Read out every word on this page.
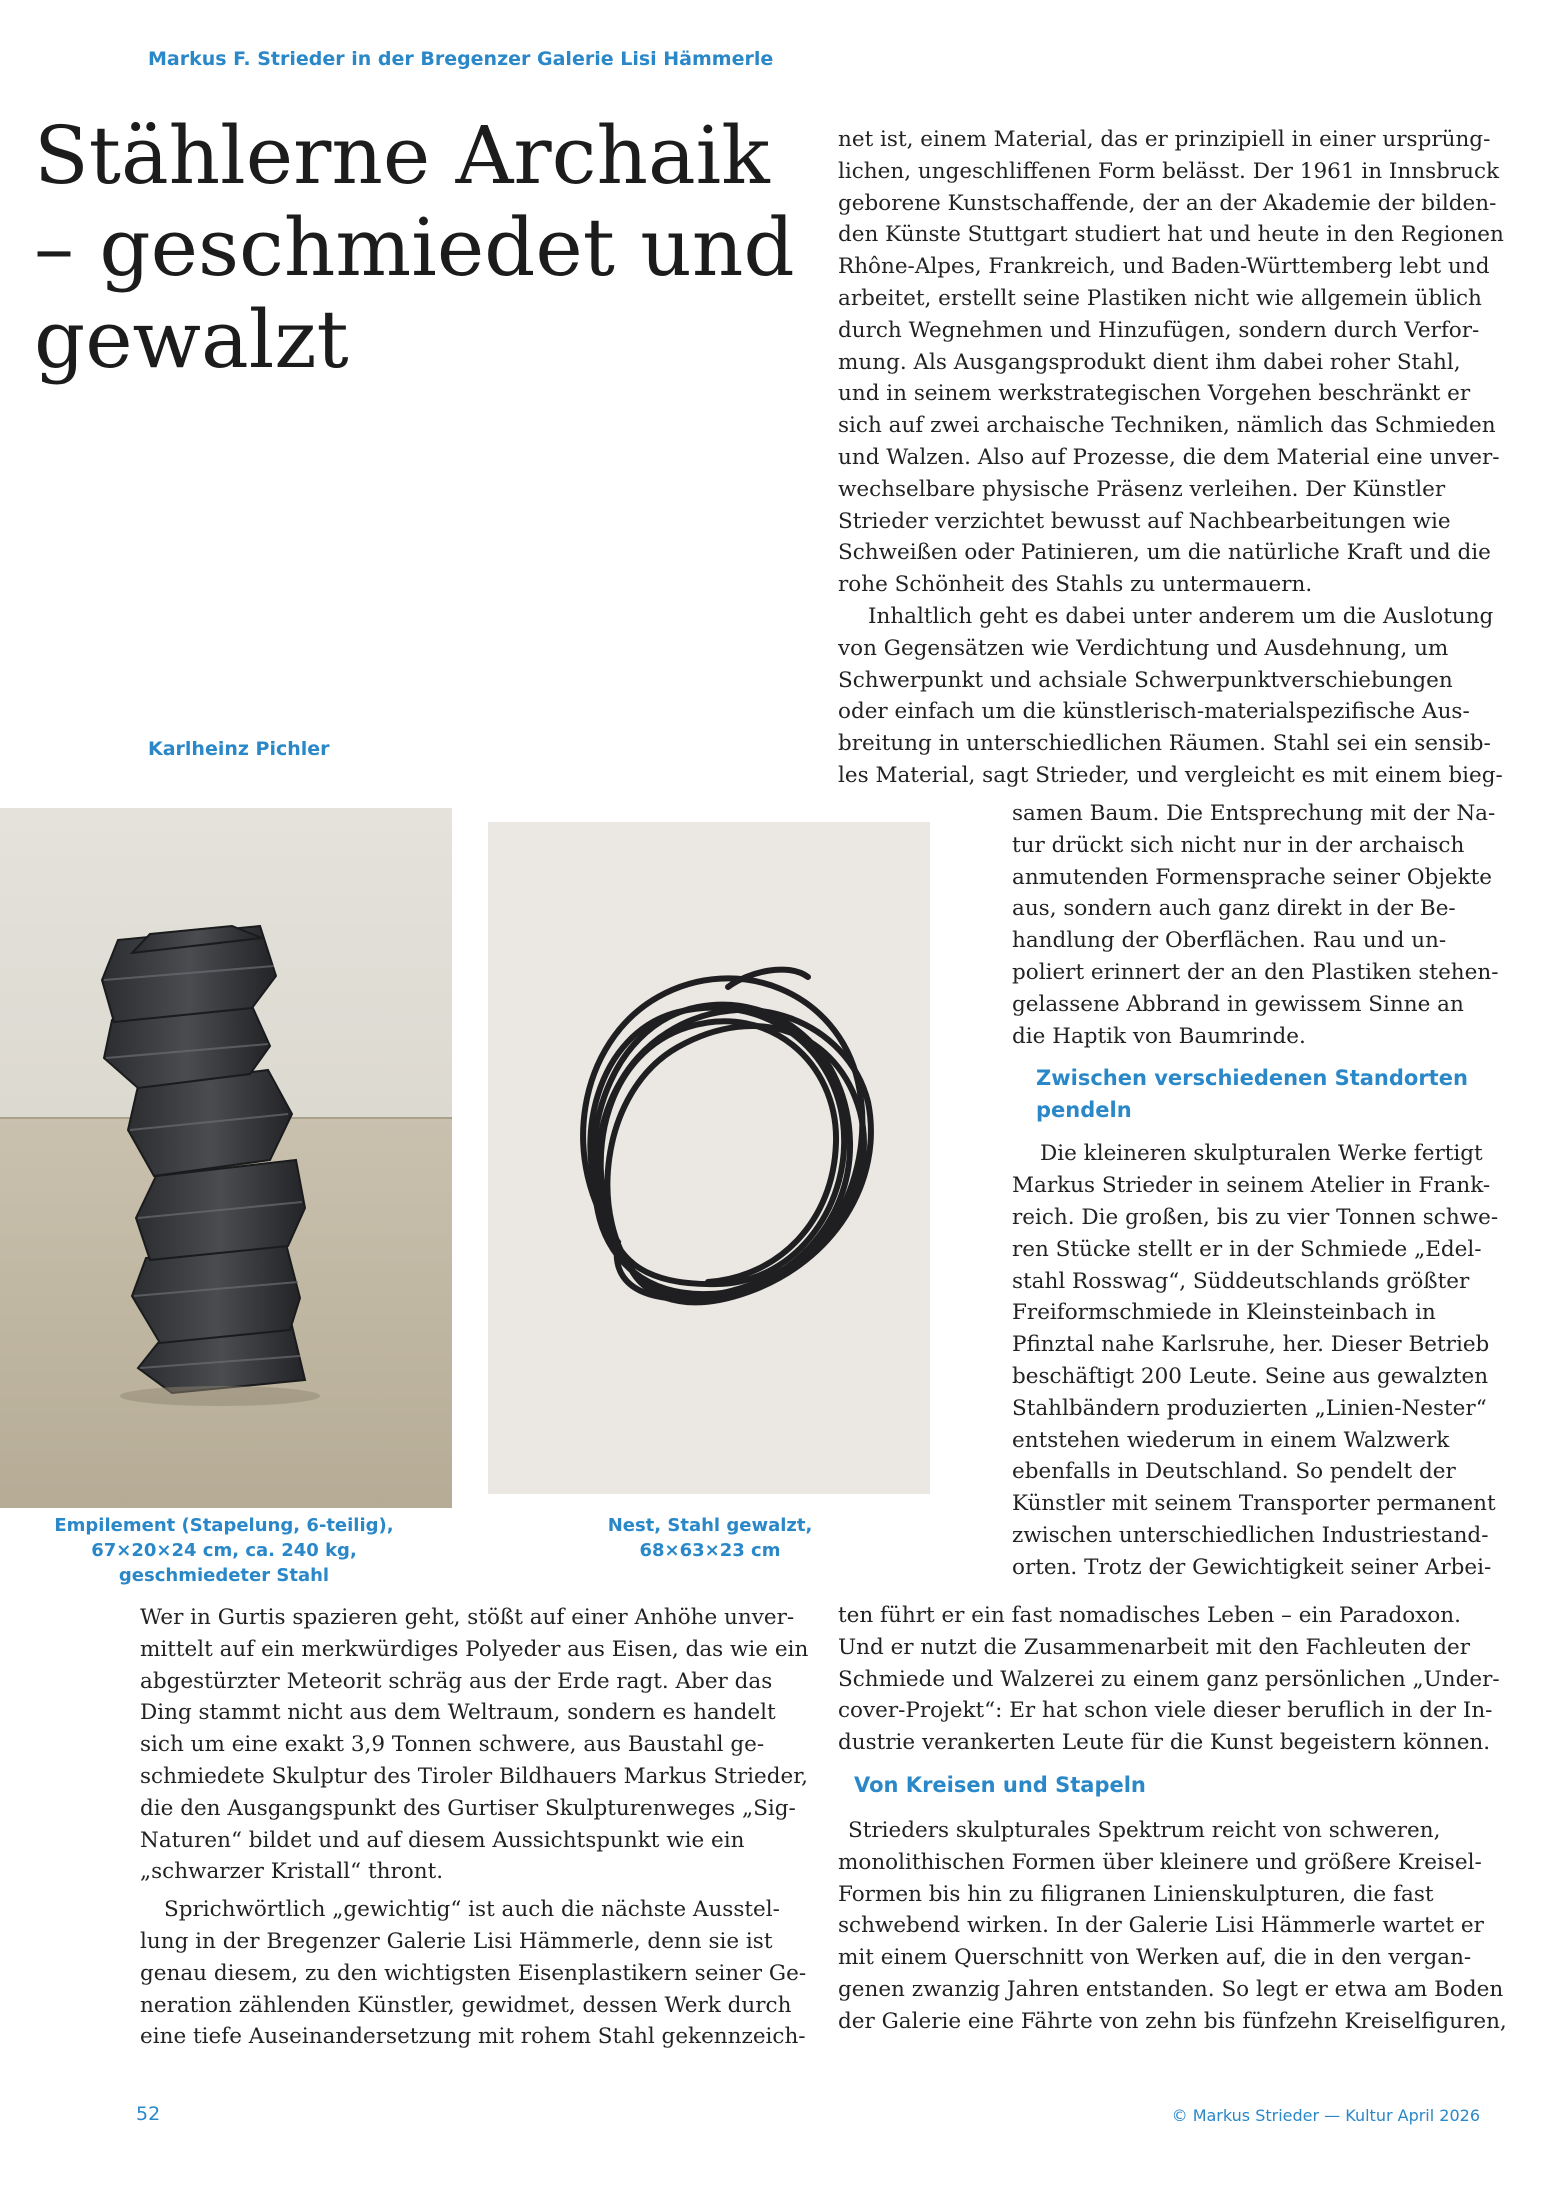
Markus F. Strieder in der Bregenzer Galerie Lisi Hämmerle
Stählerne Archaik
– geschmiedet und
gewalzt
Karlheinz Pichler
Empilement (Stapelung, 6-teilig),
67×20×24 cm, ca. 240 kg,
geschmiedeter Stahl
Nest, Stahl gewalzt,
68×63×23 cm

net ist, einem Material, das er prinzipiell in einer ursprüng-
lichen, ungeschliffenen Form belässt. Der 1961 in Innsbruck
geborene Kunstschaffende, der an der Akademie der bilden-
den Künste Stuttgart studiert hat und heute in den Regionen
Rhône-Alpes, Frankreich, und Baden-Württemberg lebt und
arbeitet, erstellt seine Plastiken nicht wie allgemein üblich
durch Wegnehmen und Hinzufügen, sondern durch Verfor-
mung. Als Ausgangsprodukt dient ihm dabei roher Stahl,
und in seinem werkstrategischen Vorgehen beschränkt er
sich auf zwei archaische Techniken, nämlich das Schmieden
und Walzen. Also auf Prozesse, die dem Material eine unver-
wechselbare physische Präsenz verleihen. Der Künstler
Strieder verzichtet bewusst auf Nachbearbeitungen wie
Schweißen oder Patinieren, um die natürliche Kraft und die
rohe Schönheit des Stahls zu untermauern.

Inhaltlich geht es dabei unter anderem um die Auslotung
von Gegensätzen wie Verdichtung und Ausdehnung, um
Schwerpunkt und achsiale Schwerpunktverschiebungen
oder einfach um die künstlerisch-materialspezifische Aus-
breitung in unterschiedlichen Räumen. Stahl sei ein sensib-
les Material, sagt Strieder, und vergleicht es mit einem bieg-

samen Baum. Die Entsprechung mit der Na-
tur drückt sich nicht nur in der archaisch
anmutenden Formensprache seiner Objekte
aus, sondern auch ganz direkt in der Be-
handlung der Oberflächen. Rau und un-
poliert erinnert der an den Plastiken stehen-
gelassene Abbrand in gewissem Sinne an
die Haptik von Baumrinde.

Zwischen verschiedenen Standorten
pendeln

Die kleineren skulpturalen Werke fertigt
Markus Strieder in seinem Atelier in Frank-
reich. Die großen, bis zu vier Tonnen schwe-
ren Stücke stellt er in der Schmiede „Edel-
stahl Rosswag“, Süddeutschlands größter
Freiformschmiede in Kleinsteinbach in
Pfinztal nahe Karlsruhe, her. Dieser Betrieb
beschäftigt 200 Leute. Seine aus gewalzten
Stahlbändern produzierten „Linien-Nester“
entstehen wiederum in einem Walzwerk
ebenfalls in Deutschland. So pendelt der
Künstler mit seinem Transporter permanent
zwischen unterschiedlichen Industriestand-
orten. Trotz der Gewichtigkeit seiner Arbei-

ten führt er ein fast nomadisches Leben – ein Paradoxon.
Und er nutzt die Zusammenarbeit mit den Fachleuten der
Schmiede und Walzerei zu einem ganz persönlichen „Under-
cover-Projekt“: Er hat schon viele dieser beruflich in der In-
dustrie verankerten Leute für die Kunst begeistern können.

Von Kreisen und Stapeln

Strieders skulpturales Spektrum reicht von schweren,
monolithischen Formen über kleinere und größere Kreisel-
Formen bis hin zu filigranen Linienskulpturen, die fast
schwebend wirken. In der Galerie Lisi Hämmerle wartet er
mit einem Querschnitt von Werken auf, die in den vergan-
genen zwanzig Jahren entstanden. So legt er etwa am Boden
der Galerie eine Fährte von zehn bis fünfzehn Kreiselfiguren,

Wer in Gurtis spazieren geht, stößt auf einer Anhöhe unver-
mittelt auf ein merkwürdiges Polyeder aus Eisen, das wie ein
abgestürzter Meteorit schräg aus der Erde ragt. Aber das
Ding stammt nicht aus dem Weltraum, sondern es handelt
sich um eine exakt 3,9 Tonnen schwere, aus Baustahl ge-
schmiedete Skulptur des Tiroler Bildhauers Markus Strieder,
die den Ausgangspunkt des Gurtiser Skulpturenweges „Sig-
Naturen“ bildet und auf diesem Aussichtspunkt wie ein
„schwarzer Kristall“ thront.

Sprichwörtlich „gewichtig“ ist auch die nächste Ausstel-
lung in der Bregenzer Galerie Lisi Hämmerle, denn sie ist
genau diesem, zu den wichtigsten Eisenplastikern seiner Ge-
neration zählenden Künstler, gewidmet, dessen Werk durch
eine tiefe Auseinandersetzung mit rohem Stahl gekennzeich-

52	© Markus Strieder — Kultur April 2026
